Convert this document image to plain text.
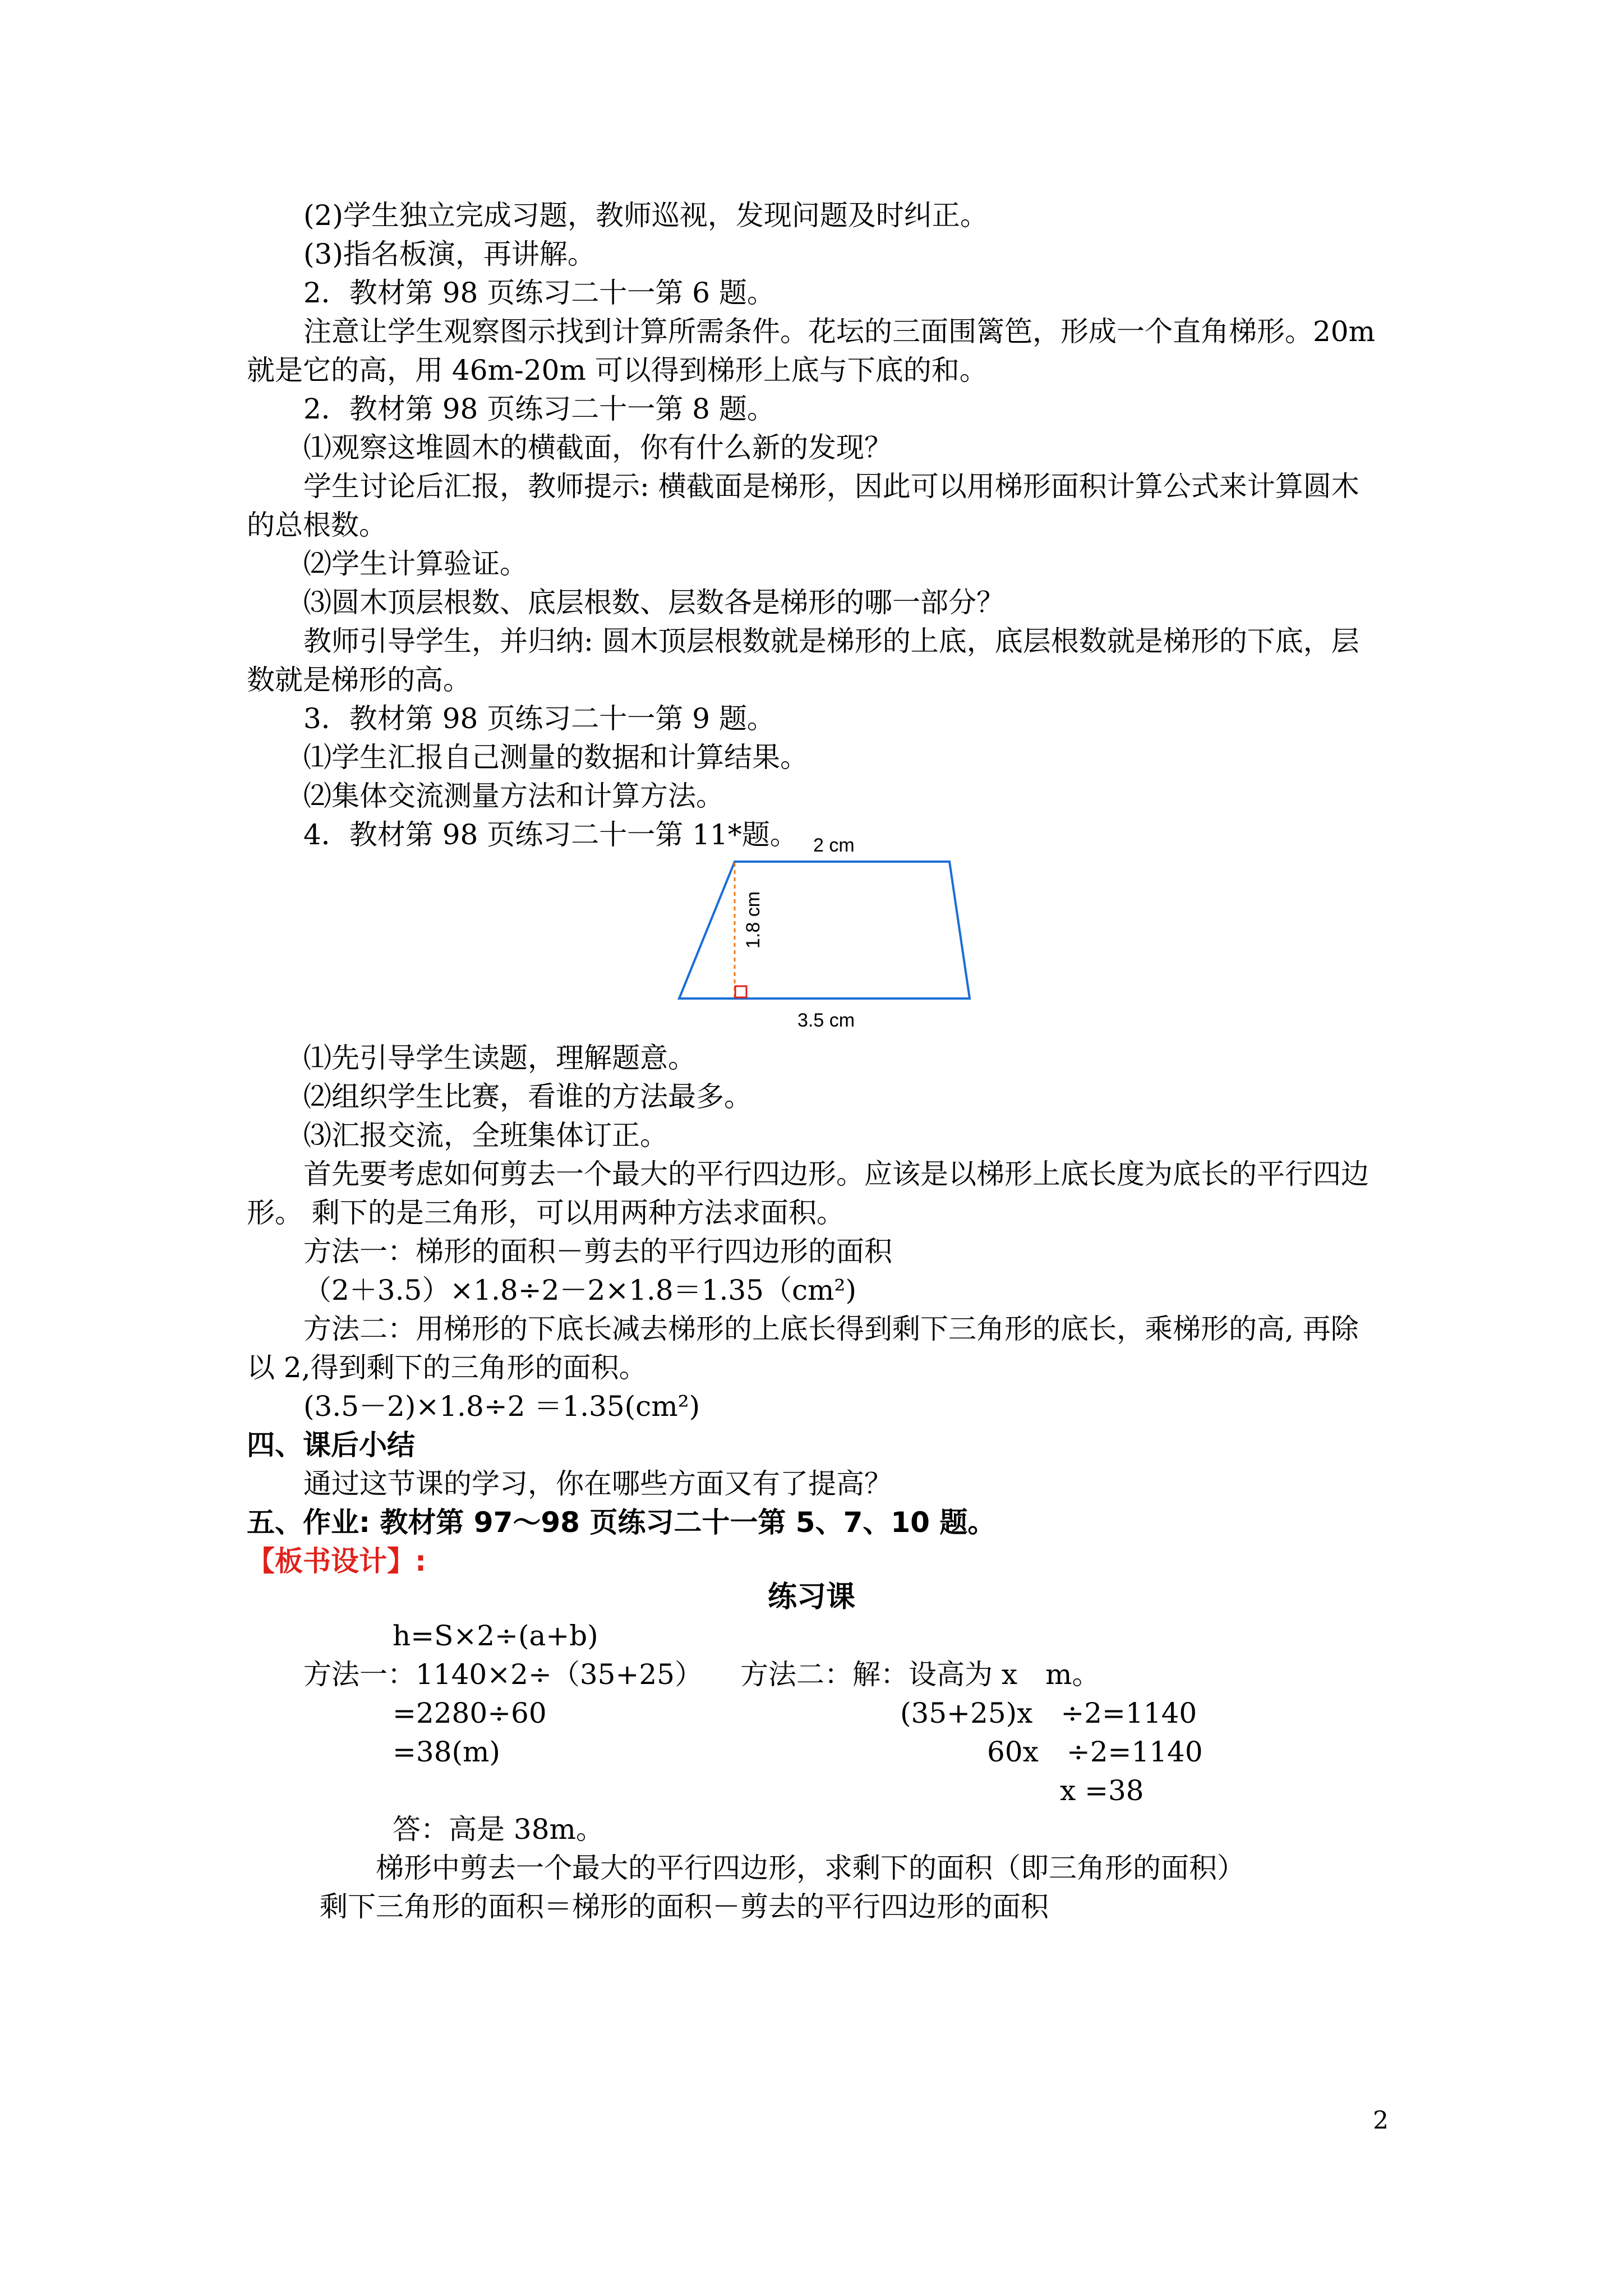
(2)学生独立完成习题，教师巡视，发现问题及时纠正。
(3)指名板演，再讲解。
2．教材第 98 页练习二十一第 6 题。
注意让学生观察图示找到计算所需条件。花坛的三面围篱笆，形成一个直角梯形。20m
就是它的高，用 46m-20m 可以得到梯形上底与下底的和。
2．教材第 98 页练习二十一第 8 题。
⑴观察这堆圆木的横截面，你有什么新的发现？
学生讨论后汇报，教师提示: 横截面是梯形，因此可以用梯形面积计算公式来计算圆木
的总根数。
⑵学生计算验证。
⑶圆木顶层根数、底层根数、层数各是梯形的哪一部分？
教师引导学生，并归纳: 圆木顶层根数就是梯形的上底，底层根数就是梯形的下底，层
数就是梯形的高。
3．教材第 98 页练习二十一第 9 题。
⑴学生汇报自己测量的数据和计算结果。
⑵集体交流测量方法和计算方法。
4．教材第 98 页练习二十一第 11*题。 2 cm
1.8 cm
3.5 cm
⑴先引导学生读题，理解题意。
⑵组织学生比赛，看谁的方法最多。
⑶汇报交流，全班集体订正。
首先要考虑如何剪去一个最大的平行四边形。应该是以梯形上底长度为底长的平行四边
形。 剩下的是三角形，可以用两种方法求面积。
方法一：梯形的面积－剪去的平行四边形的面积
（2＋3.5）×1.8÷2－2×1.8＝1.35（cm²)
方法二：用梯形的下底长减去梯形的上底长得到剩下三角形的底长，乘梯形的高, 再除
以 2,得到剩下的三角形的面积。
(3.5－2)×1.8÷2 ＝1.35(cm²)
四、课后小结
通过这节课的学习，你在哪些方面又有了提高？
五、作业: 教材第 97～98 页练习二十一第 5、7、10 题。
【板书设计】:
练习课
h=S×2÷(a+b)
方法一：1140×2÷（35+25） 方法二：解：设高为 x　m。
=2280÷60	(35+25)x　÷2=1140
=38(m)	60x　÷2=1140
x =38
答：高是 38m。
梯形中剪去一个最大的平行四边形，求剩下的面积（即三角形的面积）
剩下三角形的面积＝梯形的面积－剪去的平行四边形的面积
2
